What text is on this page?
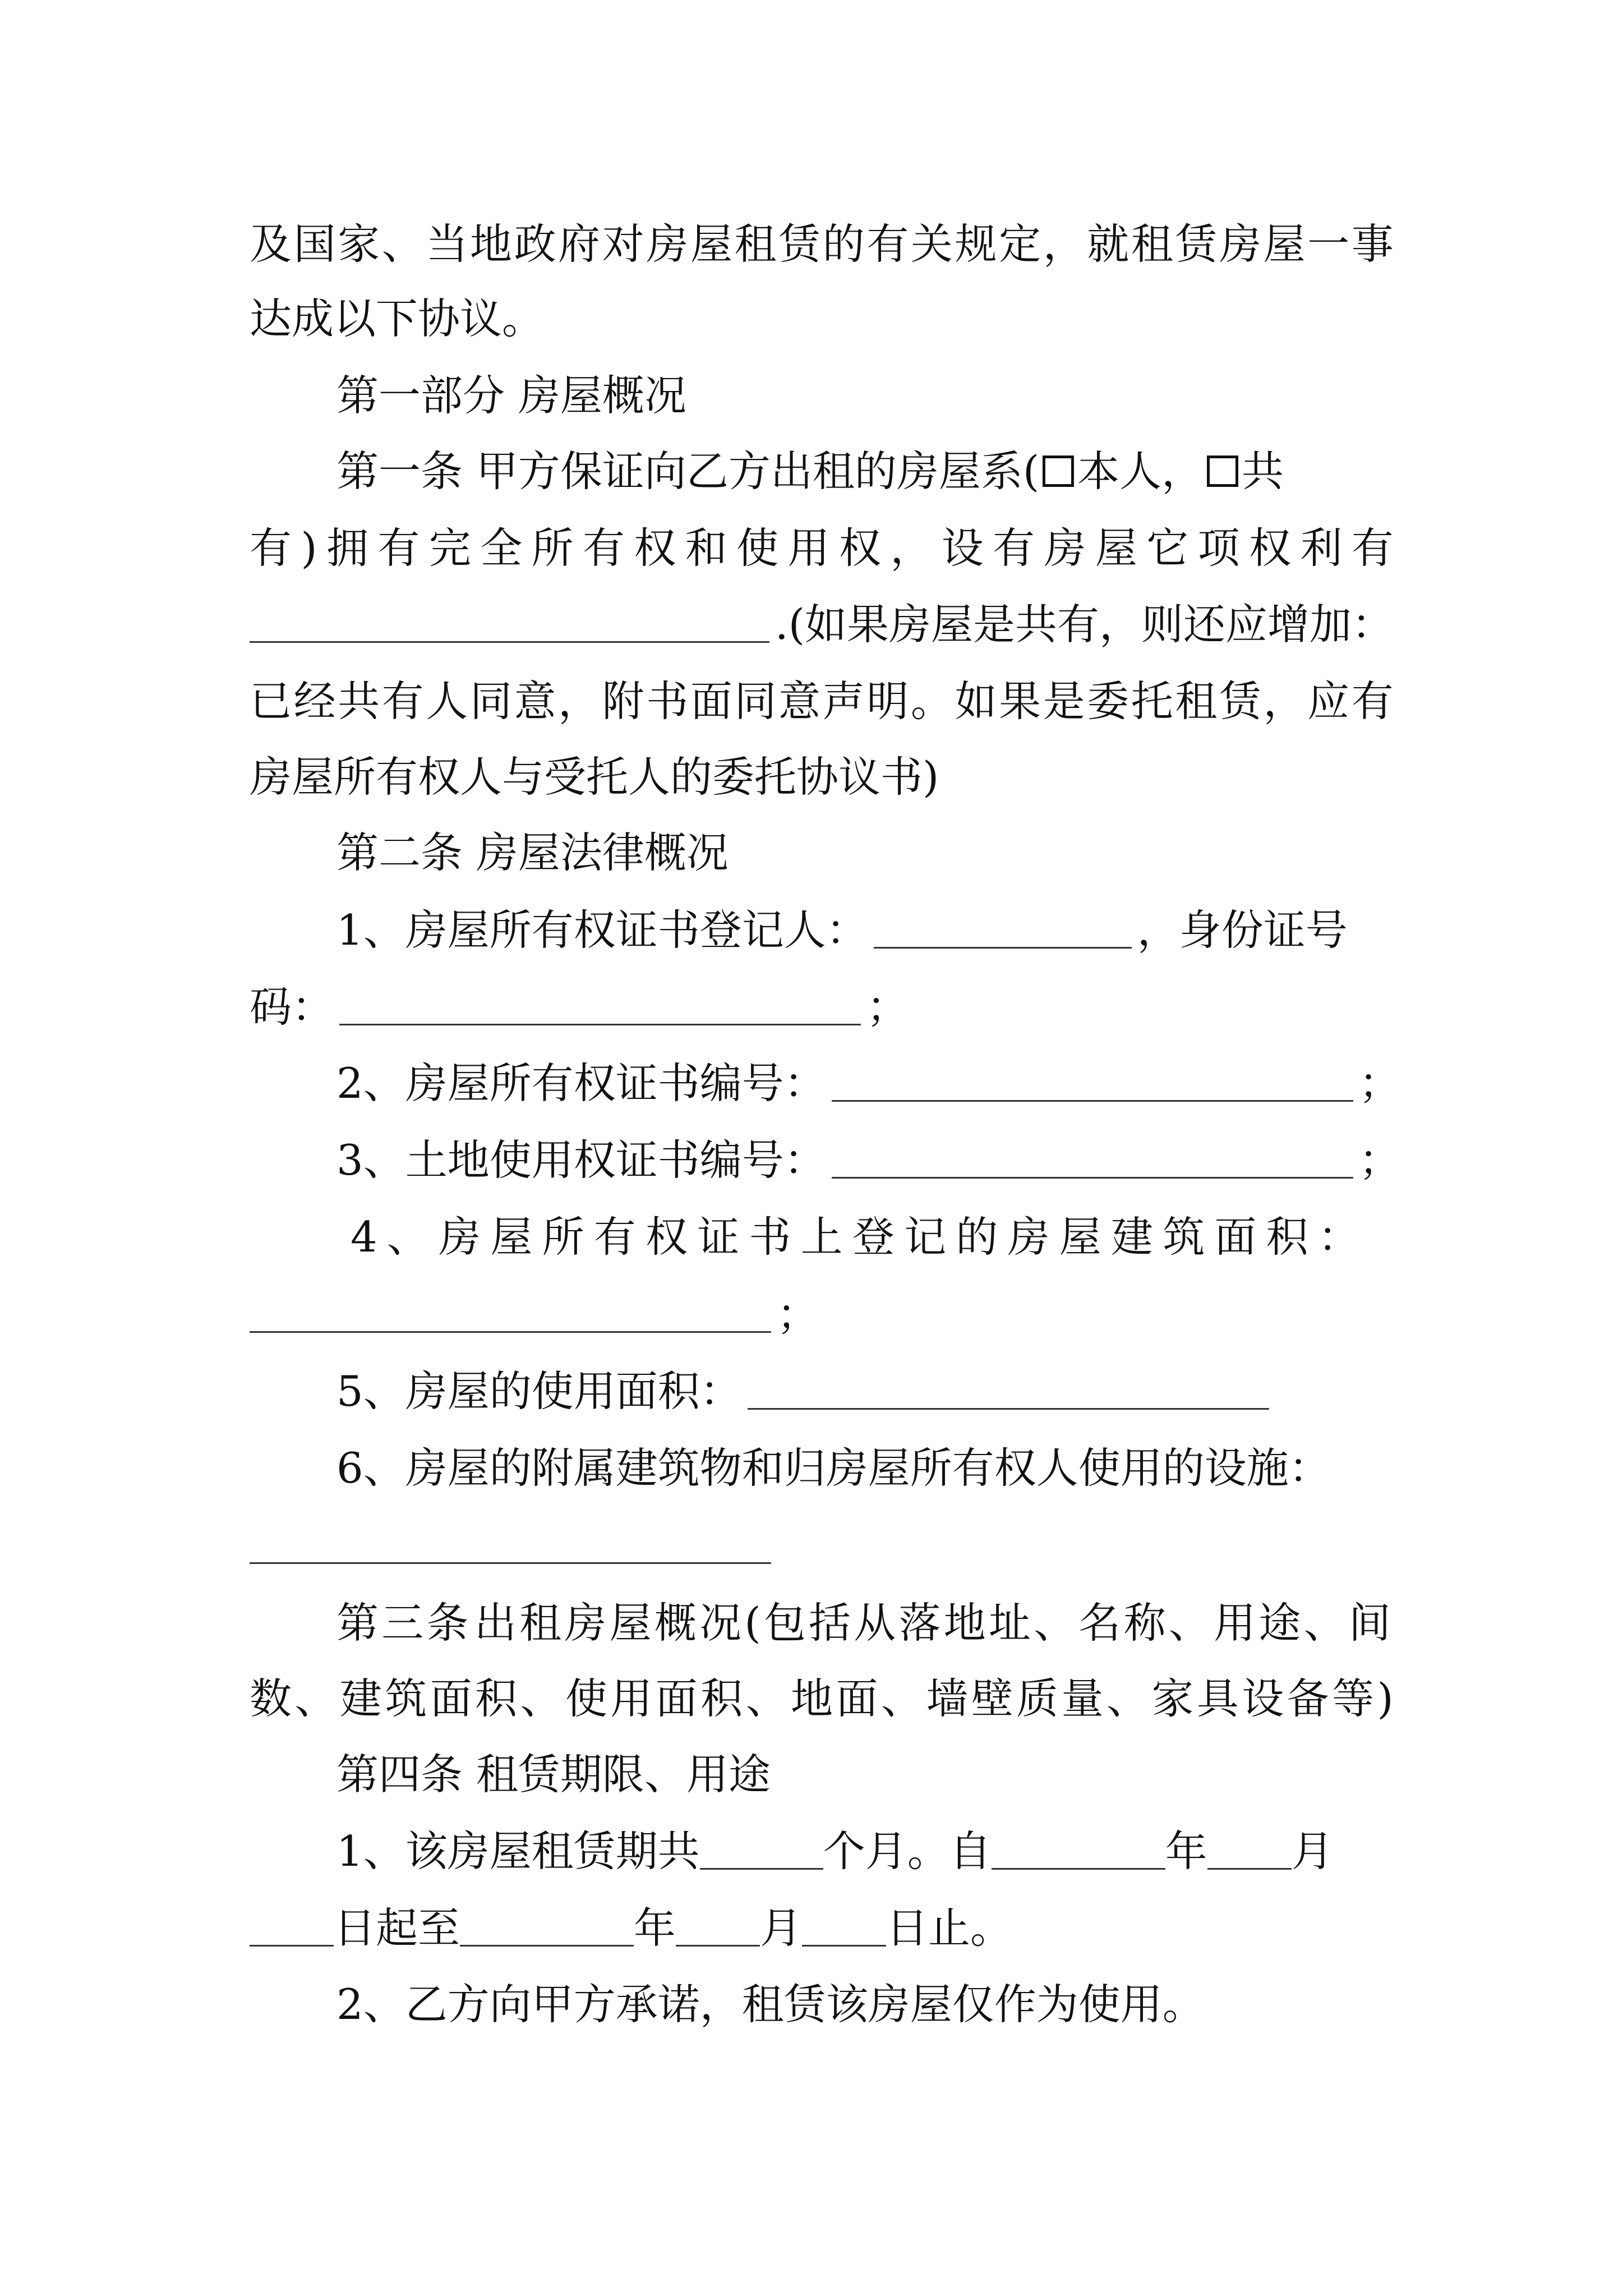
及 国 家 、 当 地 政 府 对 房 屋 租 赁 的 有 关 规 定 ， 就 租 赁 房 屋 一 事
达成以下协议。
第一部分 房屋概况
第一条 甲方保证向乙方出租的房屋系( 本人， 共
有 ) 拥 有 完 全 所 有 权 和 使 用 权 ， 设 有 房 屋 它 项 权 利 有
.(如果房屋是共有，则还应增加：
已 经 共 有 人 同 意 ， 附 书 面 同 意 声 明 。 如 果 是 委 托 租 赁 ， 应 有
房屋所有权人与受托人的委托协议书)
第二条 房屋法律概况
1、房屋所有权证书登记人：	，身份证号
码：	；
2、房屋所有权证书编号：	；
3、土地使用权证书编号：	；
4 、 房 屋 所 有 权 证 书 上 登 记 的 房 屋 建 筑 面 积 ：
；
5、房屋的使用面积：
6、房屋的附属建筑物和归房屋所有权人使用的设施：
第 三 条 出 租 房 屋 概 况 ( 包 括 从 落 地 址 、 名 称 、 用 途 、 间
数 、 建 筑 面 积 、 使 用 面 积 、 地 面 、 墙 壁 质 量 、 家 具 设 备 等 )
第四条 租赁期限、用途
1、该房屋租赁期共	个月。自	年 月
日起至	年 月 日止。
2、乙方向甲方承诺，租赁该房屋仅作为使用。
